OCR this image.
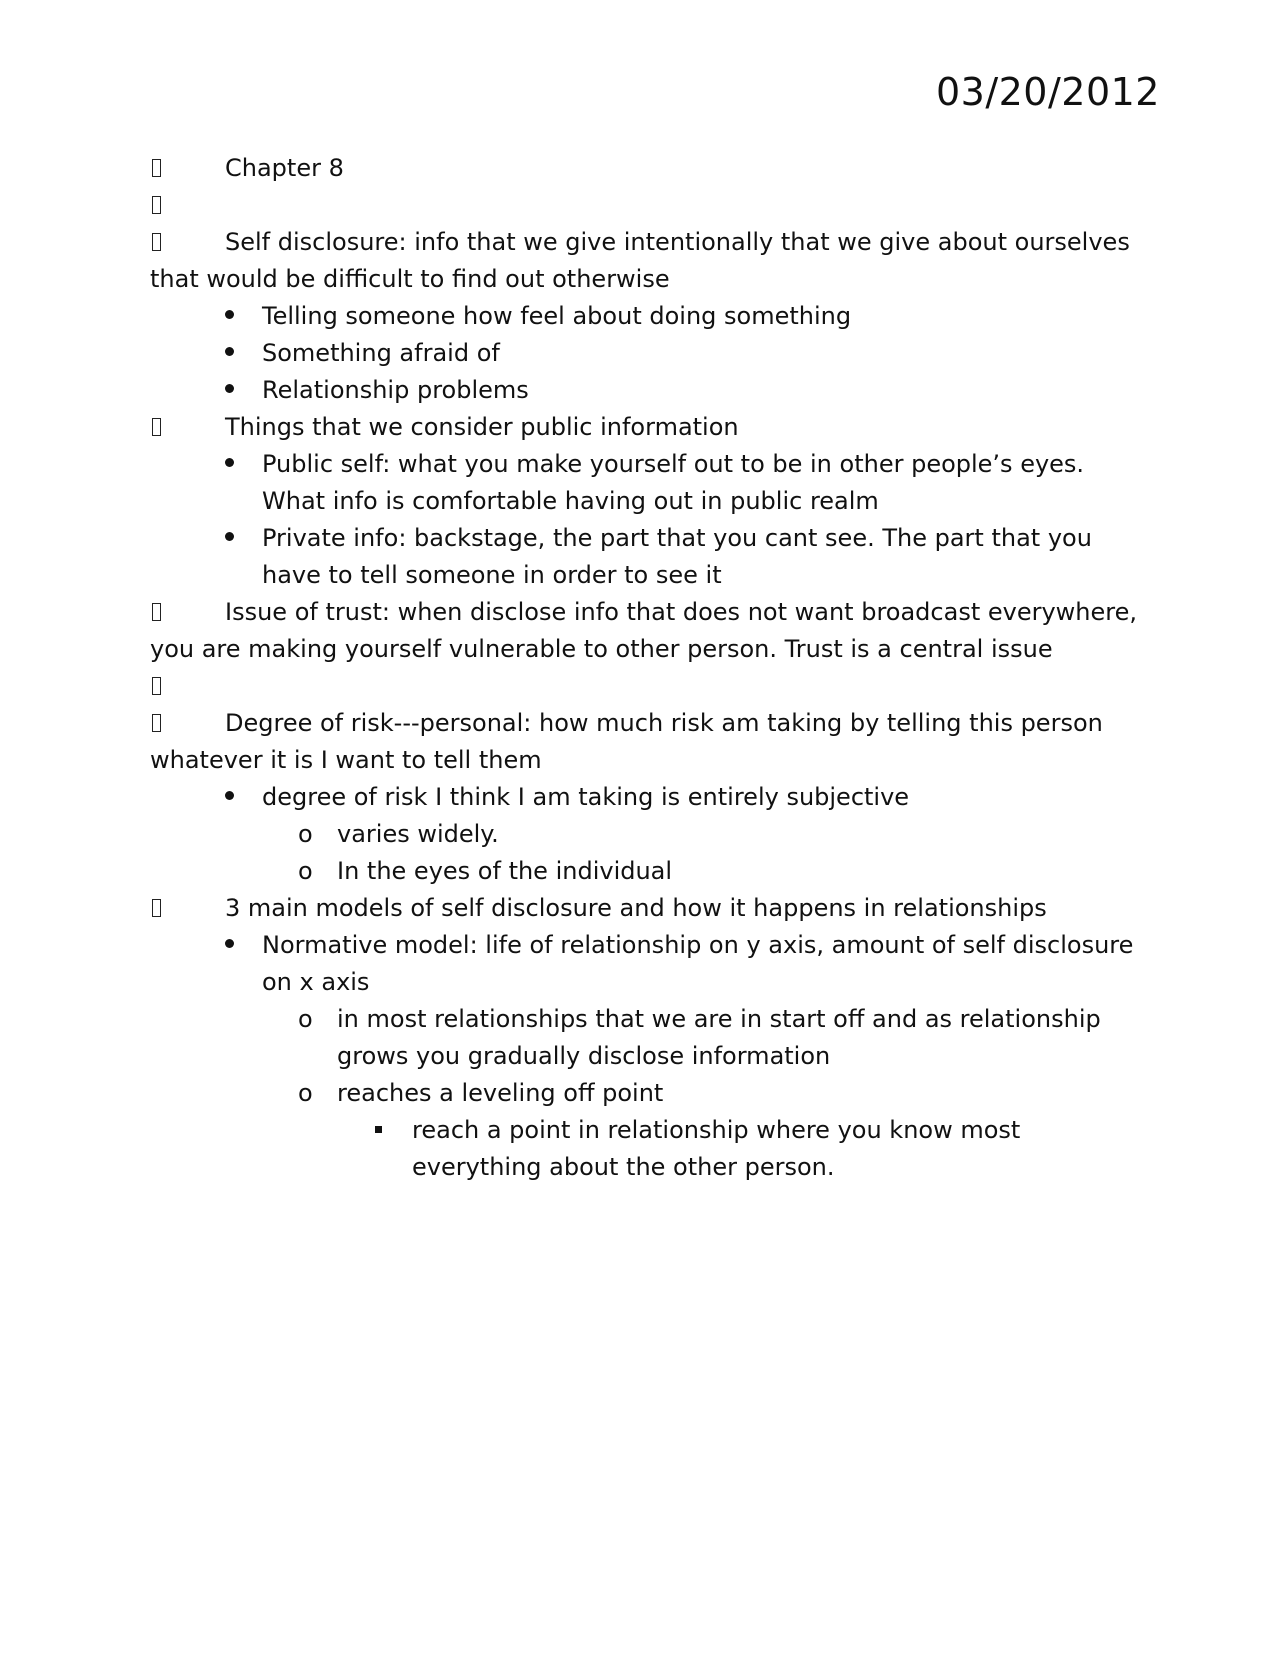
03/20/2012
Chapter 8
Self disclosure: info that we give intentionally that we give about ourselves that would be difficult to find out otherwise
Telling someone how feel about doing something
Something afraid of
Relationship problems
Things that we consider public information
Public self: what you make yourself out to be in other people’s eyes. What info is comfortable having out in public realm
Private info: backstage, the part that you cant see. The part that you have to tell someone in order to see it
Issue of trust: when disclose info that does not want broadcast everywhere, you are making yourself vulnerable to other person. Trust is a central issue
Degree of risk---personal: how much risk am taking by telling this person whatever it is I want to tell them
degree of risk I think I am taking is entirely subjective
o varies widely.
o In the eyes of the individual
3 main models of self disclosure and how it happens in relationships
Normative model: life of relationship on y axis, amount of self disclosure on x axis
o in most relationships that we are in start off and as relationship grows you gradually disclose information
o reaches a leveling off point
reach a point in relationship where you know most everything about the other person.
